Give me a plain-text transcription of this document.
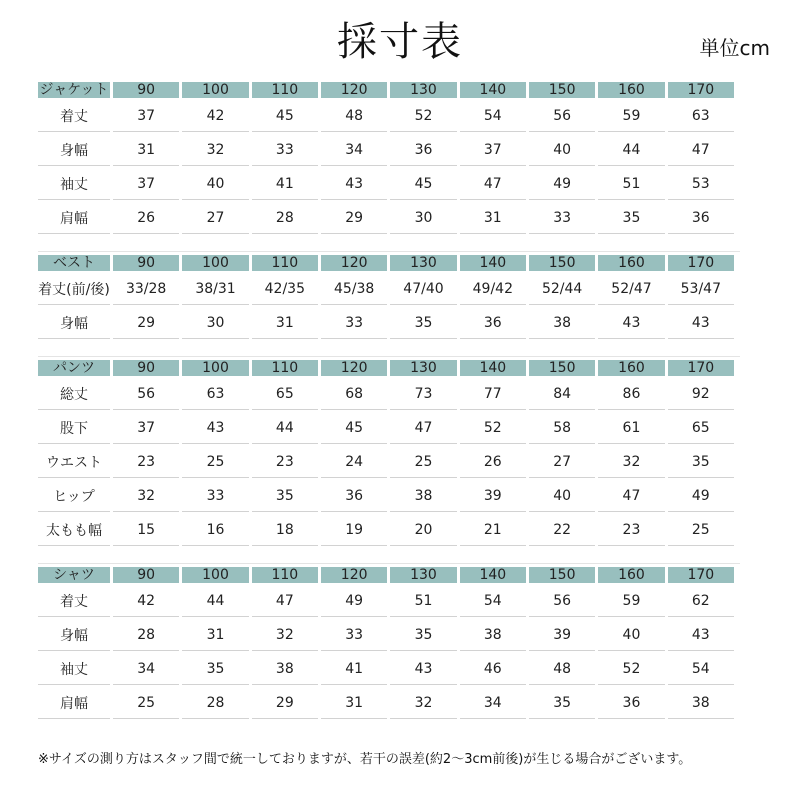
採寸表	単位cm
ジャケット	90	100	110	120	130	140	150	160	170
着丈	37	42	45	48	52	54	56	59	63
身幅	31	32	33	34	36	37	40	44	47
袖丈	37	40	41	43	45	47	49	51	53
肩幅	26	27	28	29	30	31	33	35	36
ベスト	90	100	110	120	130	140	150	160	170
着丈(前/後)	33/28	38/31	42/35	45/38	47/40	49/42	52/44	52/47	53/47
身幅	29	30	31	33	35	36	38	43	43
パンツ	90	100	110	120	130	140	150	160	170
総丈	56	63	65	68	73	77	84	86	92
股下	37	43	44	45	47	52	58	61	65
ウエスト	23	25	23	24	25	26	27	32	35
ヒップ	32	33	35	36	38	39	40	47	49
太もも幅	15	16	18	19	20	21	22	23	25
シャツ	90	100	110	120	130	140	150	160	170
着丈	42	44	47	49	51	54	56	59	62
身幅	28	31	32	33	35	38	39	40	43
袖丈	34	35	38	41	43	46	48	52	54
肩幅	25	28	29	31	32	34	35	36	38
※サイズの測り方はスタッフ間で統一しておりますが、若干の誤差(約2〜3cm前後)が生じる場合がございます。
